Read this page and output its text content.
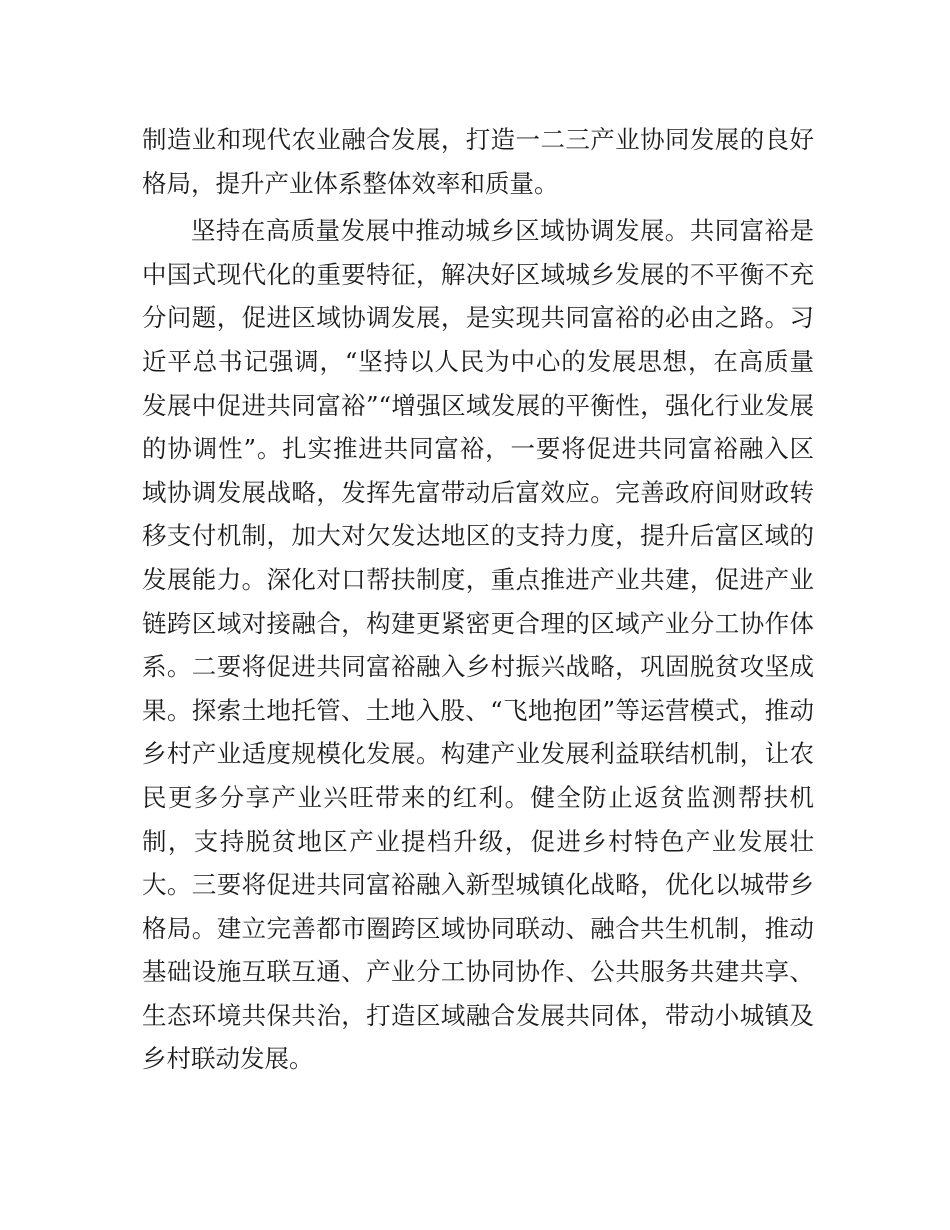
制造业和现代农业融合发展，打造一二三产业协同发展的良好格局，提升产业体系整体效率和质量。

坚持在高质量发展中推动城乡区域协调发展。共同富裕是中国式现代化的重要特征，解决好区域城乡发展的不平衡不充分问题，促进区域协调发展，是实现共同富裕的必由之路。习近平总书记强调，“坚持以人民为中心的发展思想，在高质量发展中促进共同富裕”“增强区域发展的平衡性，强化行业发展的协调性”。扎实推进共同富裕，一要将促进共同富裕融入区域协调发展战略，发挥先富带动后富效应。完善政府间财政转移支付机制，加大对欠发达地区的支持力度，提升后富区域的发展能力。深化对口帮扶制度，重点推进产业共建，促进产业链跨区域对接融合，构建更紧密更合理的区域产业分工协作体系。二要将促进共同富裕融入乡村振兴战略，巩固脱贫攻坚成果。探索土地托管、土地入股、“飞地抱团”等运营模式，推动乡村产业适度规模化发展。构建产业发展利益联结机制，让农民更多分享产业兴旺带来的红利。健全防止返贫监测帮扶机制，支持脱贫地区产业提档升级，促进乡村特色产业发展壮大。三要将促进共同富裕融入新型城镇化战略，优化以城带乡格局。建立完善都市圈跨区域协同联动、融合共生机制，推动基础设施互联互通、产业分工协同协作、公共服务共建共享、生态环境共保共治，打造区域融合发展共同体，带动小城镇及乡村联动发展。
